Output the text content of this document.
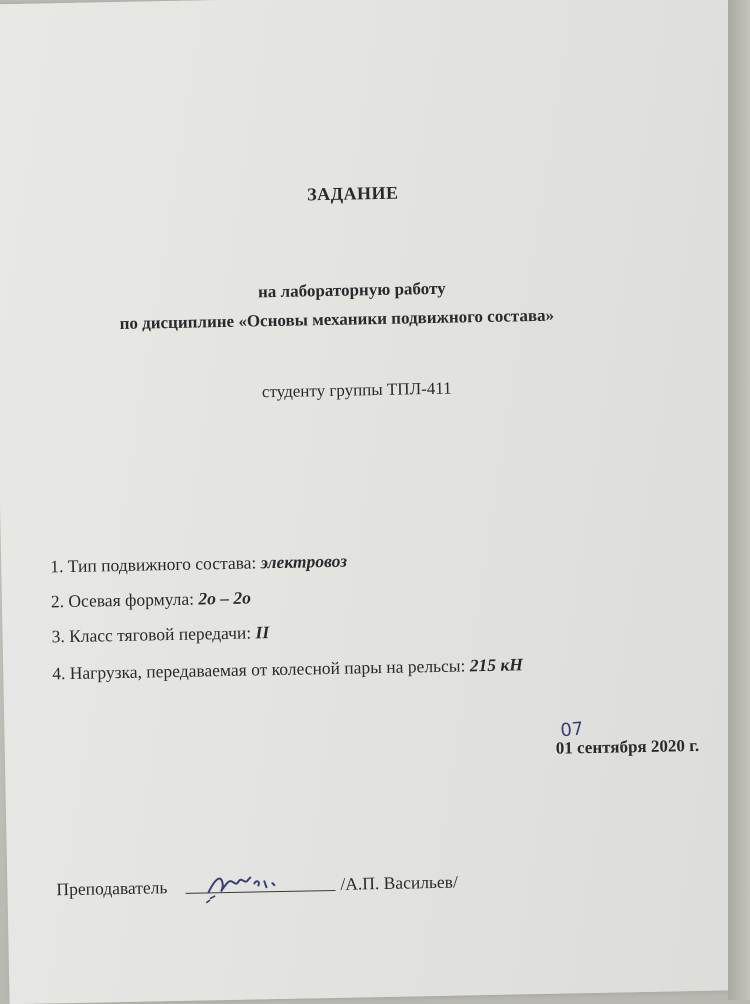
ЗАДАНИЕ
на лабораторную работу
по дисциплине «Основы механики подвижного состава»
студенту группы ТПЛ-411
1. Тип подвижного состава: электровоз
2. Осевая формула: 2о – 2о
3. Класс тяговой передачи: II
4. Нагрузка, передаваемая от колесной пары на рельсы: 215 кН
07
01 сентября 2020 г.
Преподаватель	/А.П. Васильев/
